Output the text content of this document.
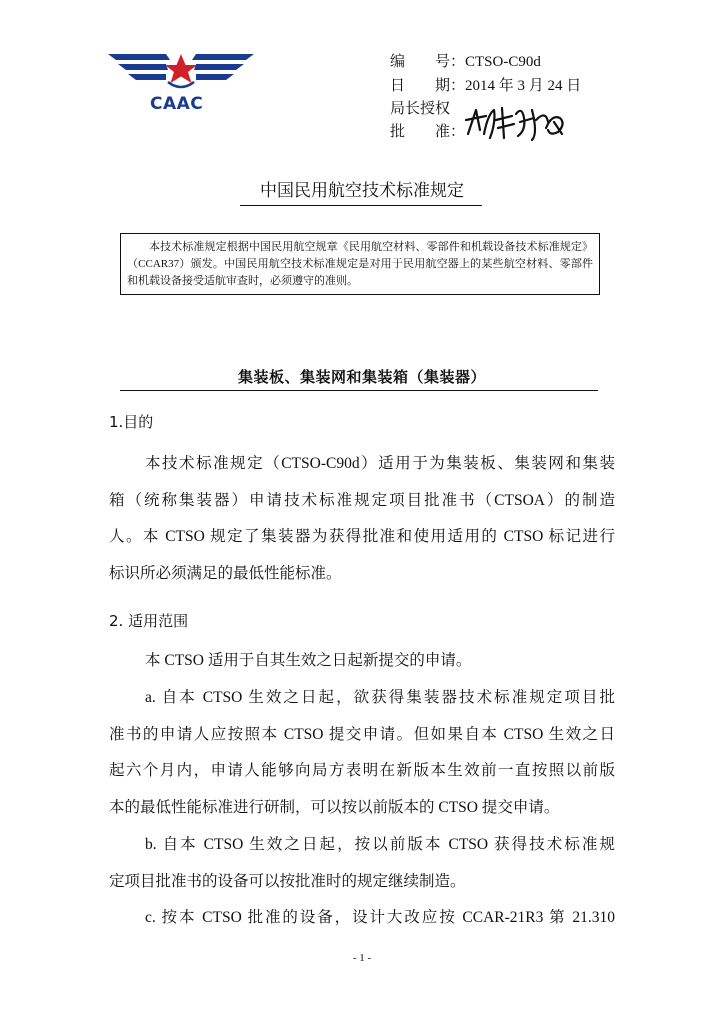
CAAC
编　　号：CTSO-C90d
日　　期：2014 年 3 月 24 日
局长授权
批　　准：
中国民用航空技术标准规定
本技术标准规定根据中国民用航空规章《民用航空材料、零部件和机载设备技术标准规定》（CCAR37）颁发。中国民用航空技术标准规定是对用于民用航空器上的某些航空材料、零部件和机载设备接受适航审查时，必须遵守的准则。
集装板、集装网和集装箱（集装器）
1.目的
本技术标准规定（CTSO-C90d）适用于为集装板、集装网和集装
箱（统称集装器）申请技术标准规定项目批准书（CTSOA）的制造
人。本 CTSO 规定了集装器为获得批准和使用适用的 CTSO 标记进行
标识所必须满足的最低性能标准。
2. 适用范围
本 CTSO 适用于自其生效之日起新提交的申请。
a. 自本 CTSO 生效之日起，欲获得集装器技术标准规定项目批
准书的申请人应按照本 CTSO 提交申请。但如果自本 CTSO 生效之日
起六个月内，申请人能够向局方表明在新版本生效前一直按照以前版
本的最低性能标准进行研制，可以按以前版本的 CTSO 提交申请。
b. 自本 CTSO 生效之日起，按以前版本 CTSO 获得技术标准规
定项目批准书的设备可以按批准时的规定继续制造。
c. 按本 CTSO 批准的设备，设计大改应按 CCAR-21R3 第 21.310
- 1 -
